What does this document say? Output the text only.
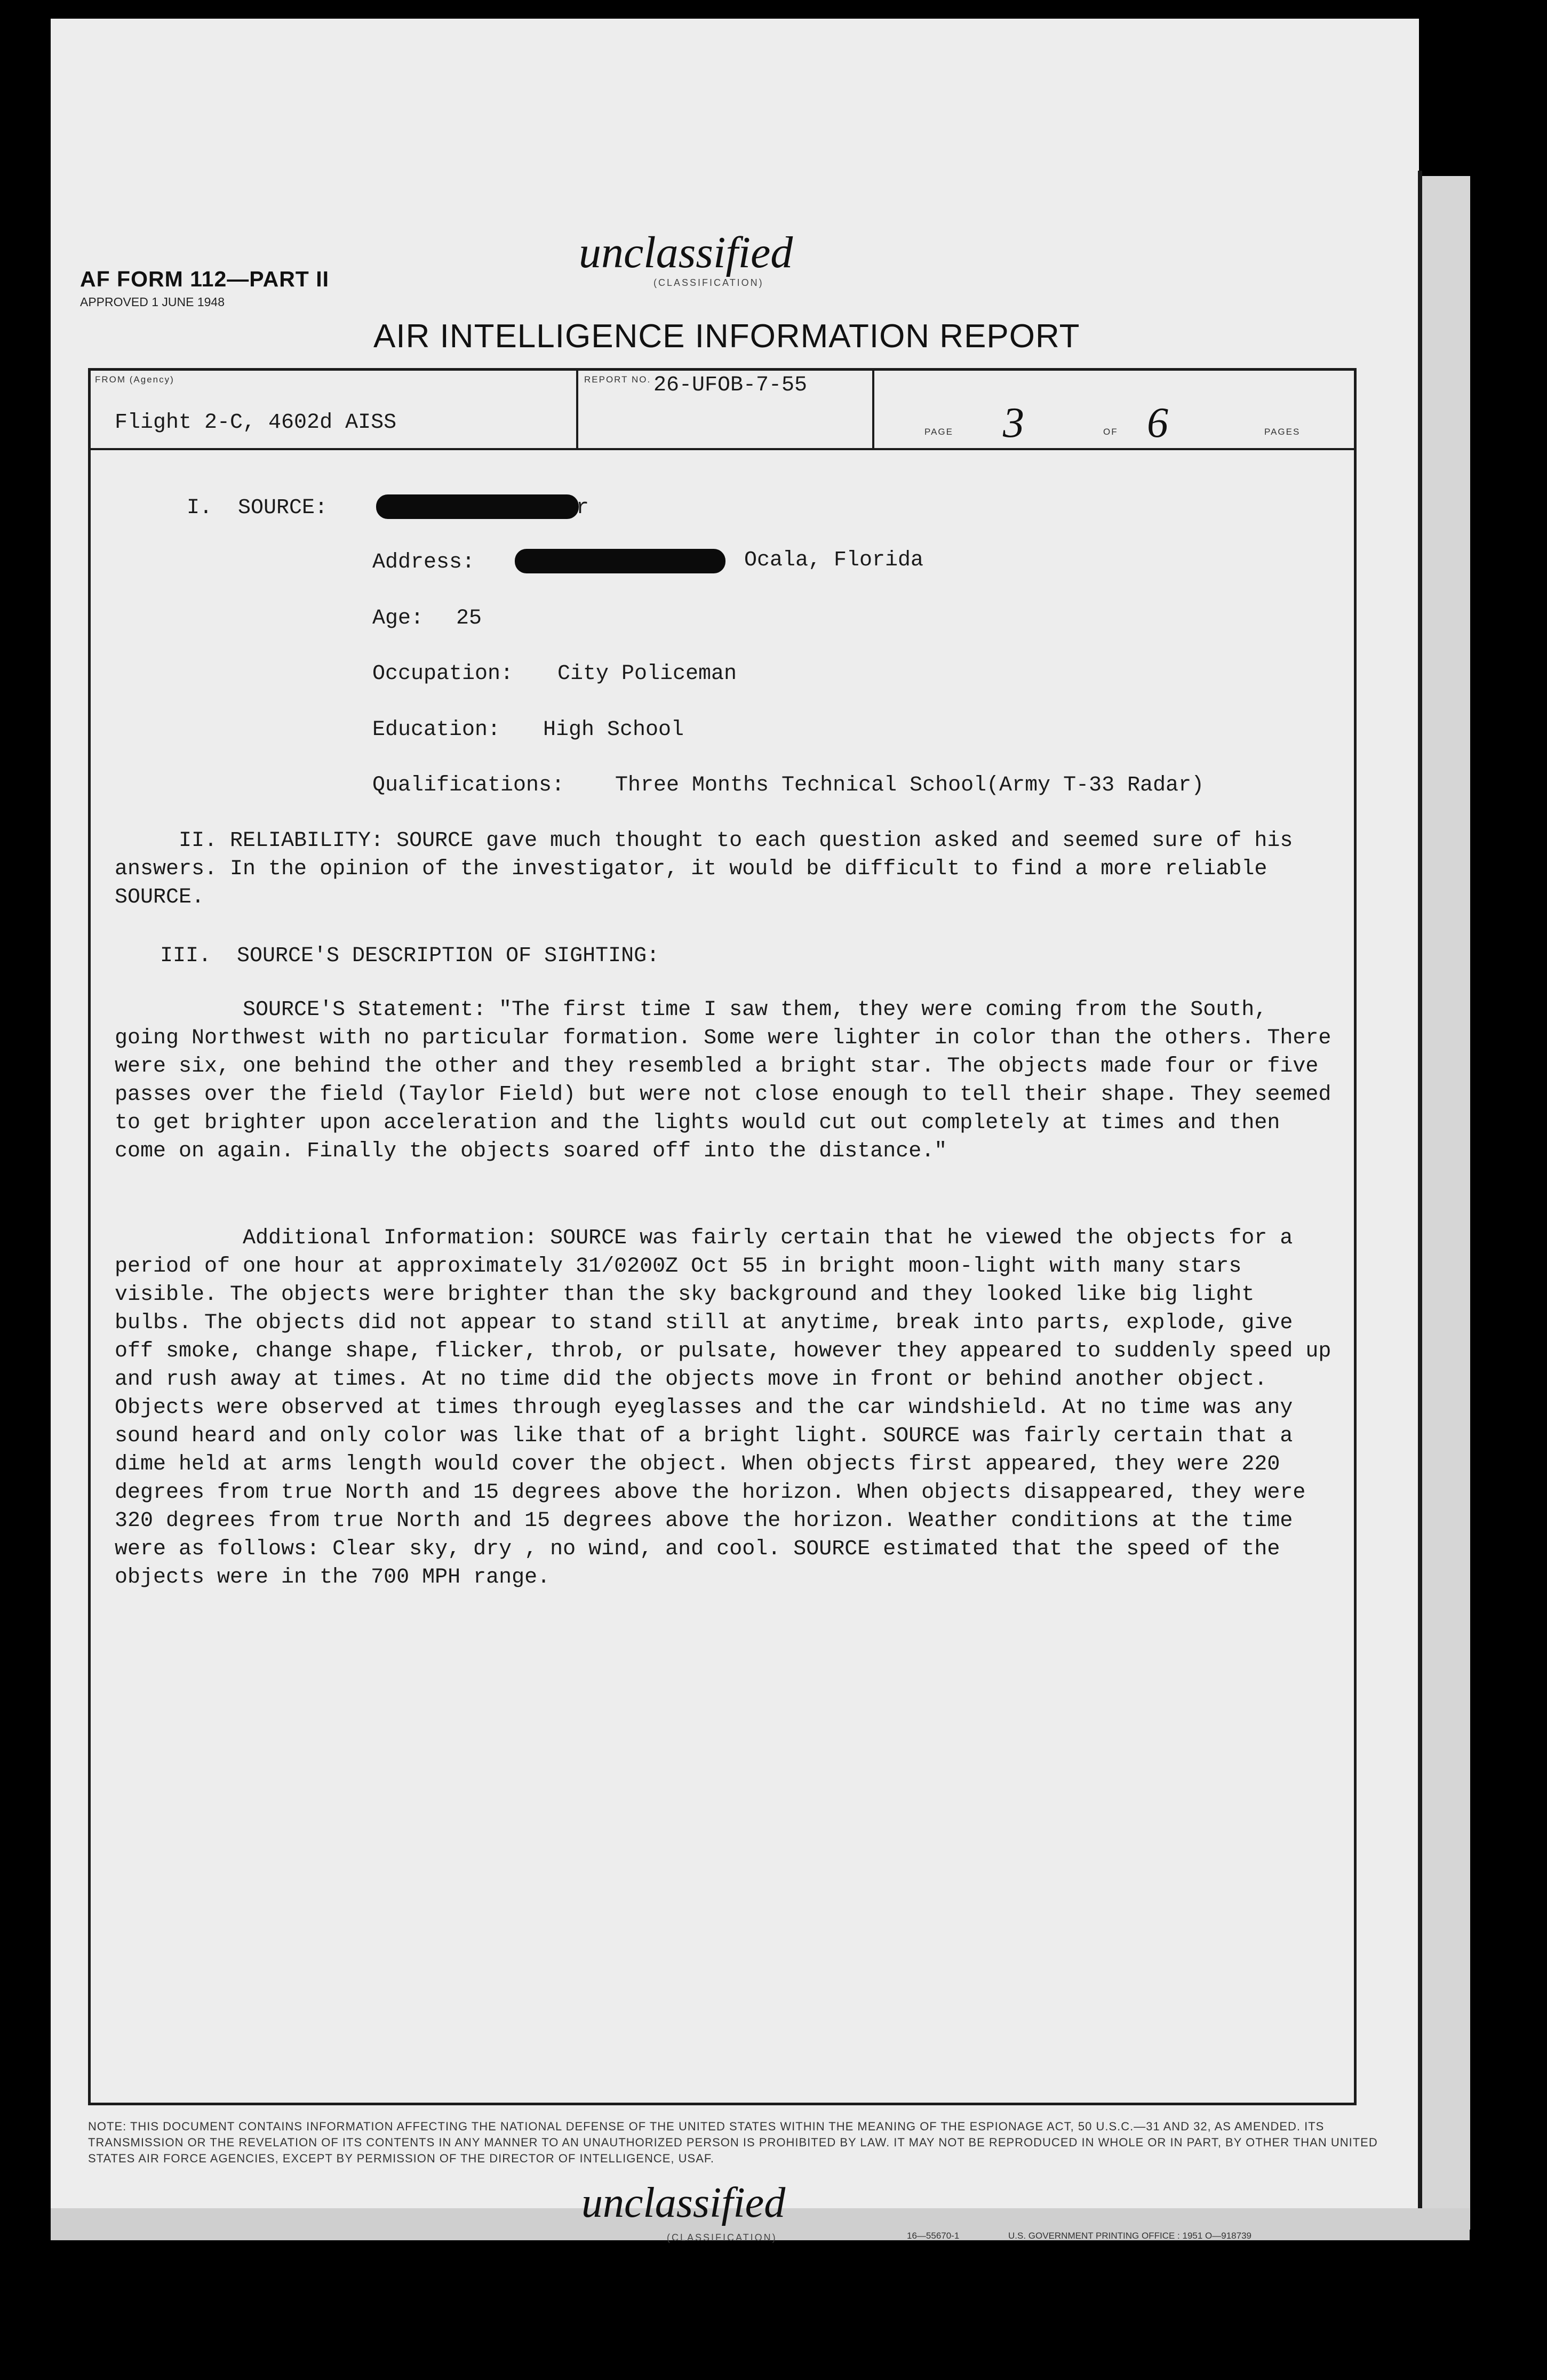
AF FORM 112—PART II
APPROVED 1 JUNE 1948
unclassified
(CLASSIFICATION)
AIR INTELLIGENCE INFORMATION REPORT
FROM (Agency)
Flight 2-C, 4602d AISS
REPORT NO. 26-UFOB-7-55
PAGE 3	OF 6	PAGES
I.  SOURCE:	r
Address:	Ocala, Florida
Age: 25
Occupation: City Policeman
Education: High School
Qualifications: Three Months Technical School(Army T-33 Radar)
II. RELIABILITY: SOURCE gave much thought to each question asked and seemed sure of his answers. In the opinion of the investigator, it would be difficult to find a more reliable SOURCE.
III.  SOURCE'S DESCRIPTION OF SIGHTING:
SOURCE'S Statement: "The first time I saw them, they were coming from the South, going Northwest with no particular formation. Some were lighter in color than the others. There were six, one behind the other and they resembled a bright star. The objects made four or five passes over the field (Taylor Field) but were not close enough to tell their shape. They seemed to get brighter upon acceleration and the lights would cut out completely at times and then come on again. Finally the objects soared off into the distance."
Additional Information: SOURCE was fairly certain that he viewed the objects for a period of one hour at approximately 31/0200Z Oct 55 in bright moon-light with many stars visible. The objects were brighter than the sky background and they looked like big light bulbs. The objects did not appear to stand still at anytime, break into parts, explode, give off smoke, change shape, flicker, throb, or pulsate, however they appeared to suddenly speed up and rush away at times. At no time did the objects move in front or behind another object. Objects were observed at times through eyeglasses and the car windshield. At no time was any sound heard and only color was like that of a bright light. SOURCE was fairly certain that a dime held at arms length would cover the object. When objects first appeared, they were 220 degrees from true North and 15 degrees above the horizon. When objects disappeared, they were 320 degrees from true North and 15 degrees above the horizon. Weather conditions at the time were as follows: Clear sky, dry , no wind, and cool. SOURCE estimated that the speed of the objects were in the 700 MPH range.
NOTE: THIS DOCUMENT CONTAINS INFORMATION AFFECTING THE NATIONAL DEFENSE OF THE UNITED STATES WITHIN THE MEANING OF THE ESPIONAGE ACT, 50 U.S.C.—31 AND 32, AS AMENDED. ITS TRANSMISSION OR THE REVELATION OF ITS CONTENTS IN ANY MANNER TO AN UNAUTHORIZED PERSON IS PROHIBITED BY LAW. IT MAY NOT BE REPRODUCED IN WHOLE OR IN PART, BY OTHER THAN UNITED STATES AIR FORCE AGENCIES, EXCEPT BY PERMISSION OF THE DIRECTOR OF INTELLIGENCE, USAF.
unclassified
(CLASSIFICATION)	16—55670-1	U.S. GOVERNMENT PRINTING OFFICE : 1951 O—918739
